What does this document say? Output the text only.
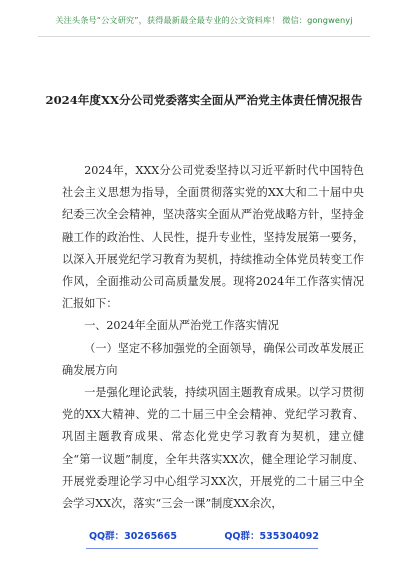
关注头条号“公文研究”，获得最新最全最专业的公文资料库！ 微信：gongwenyj
2024年度XX分公司党委落实全面从严治党主体责任情况报告

2024年，XXX分公司党委坚持以习近平新时代中国特色社会主义思想为指导，全面贯彻落实党的XX大和二十届中央纪委三次全会精神，坚决落实全面从严治党战略方针，坚持金融工作的政治性、人民性，提升专业性，坚持发展第一要务，以深入开展党纪学习教育为契机，持续推动全体党员转变工作作风，全面推动公司高质量发展。现将2024年工作落实情况汇报如下：

一、2024年全面从严治党工作落实情况

（一）坚定不移加强党的全面领导，确保公司改革发展正确发展方向

一是强化理论武装，持续巩固主题教育成果。以学习贯彻党的XX大精神、党的二十届三中全会精神、党纪学习教育、巩固主题教育成果、常态化党史学习教育为契机，建立健全“第一议题”制度，全年共落实XX次，健全理论学习制度、开展党委理论学习中心组学习XX次，开展党的二十届三中全会学习XX次，落实“三会一课”制度XX余次，

QQ群：30265665	QQ群：535304092
